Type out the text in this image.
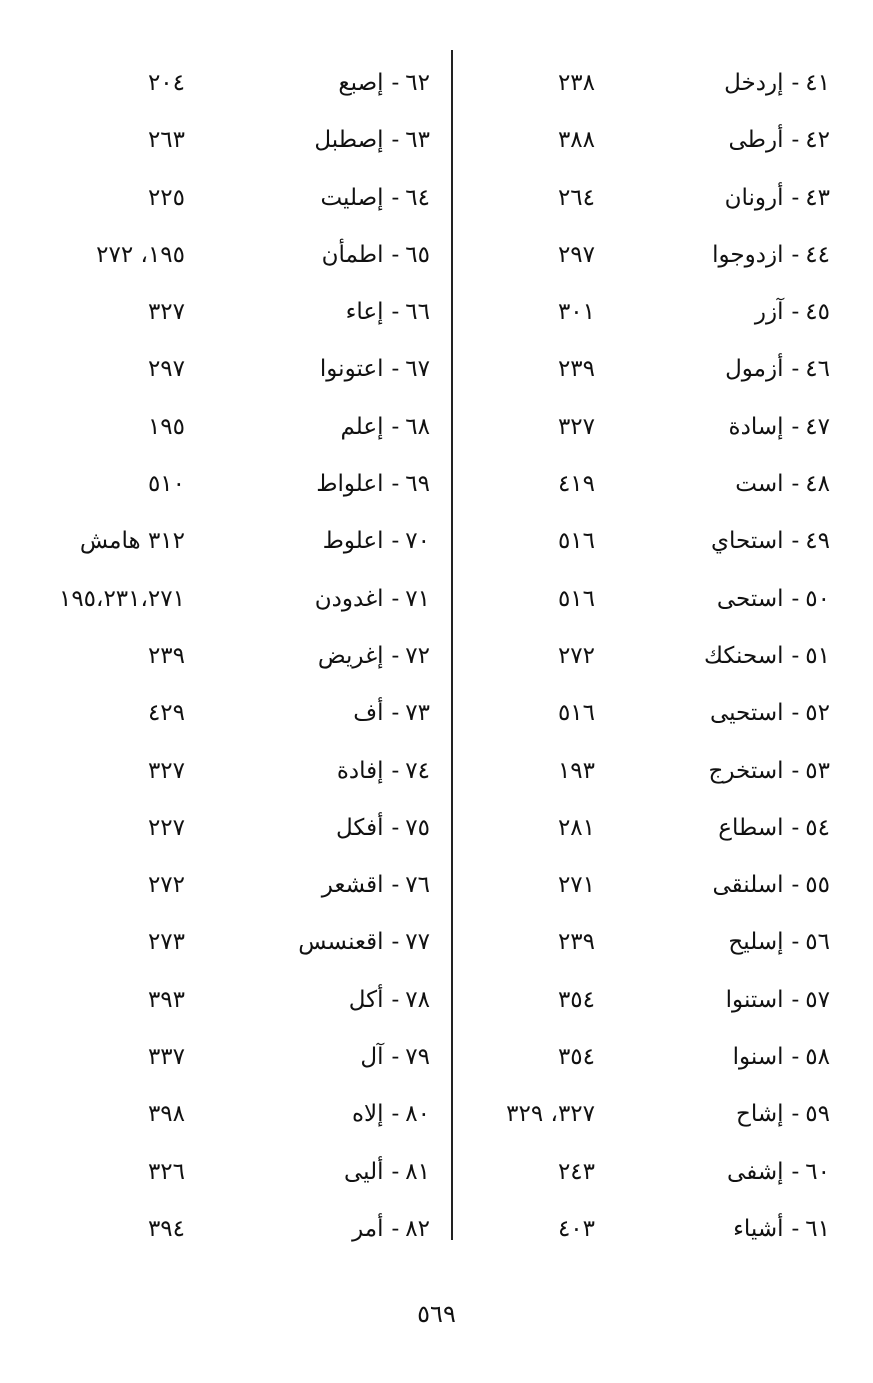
٤١-إردخل
٢٣٨
٤٢-أرطى
٣٨٨
٤٣-أرونان
٢٦٤
٤٤-ازدوجوا
٢٩٧
٤٥-آزر
٣٠١
٤٦-أزمول
٢٣٩
٤٧-إسادة
٣٢٧
٤٨-است
٤١٩
٤٩-استحاي
٥١٦
٥٠-استحى
٥١٦
٥١-اسحنكك
٢٧٢
٥٢-استحيى
٥١٦
٥٣-استخرج
١٩٣
٥٤-اسطاع
٢٨١
٥٥-اسلنقى
٢٧١
٥٦-إسليح
٢٣٩
٥٧-استنوا
٣٥٤
٥٨-اسنوا
٣٥٤
٥٩-إشاح
٣٢٧، ٣٢٩
٦٠-إشفى
٢٤٣
٦١-أشياء
٤٠٣
٦٢-إصبع
٢٠٤
٦٣-إصطبل
٢٦٣
٦٤-إصليت
٢٢٥
٦٥-اطمأن
١٩٥، ٢٧٢
٦٦-إعاء
٣٢٧
٦٧-اعتونوا
٢٩٧
٦٨-إعلم
١٩٥
٦٩-اعلواط
٥١٠
٧٠-اعلوط
٣١٢ هامش
٧١-اغدودن
١٩٥،٢٣١،٢٧١
٧٢-إغريض
٢٣٩
٧٣-أف
٤٢٩
٧٤-إفادة
٣٢٧
٧٥-أفكل
٢٢٧
٧٦-اقشعر
٢٧٢
٧٧-اقعنسس
٢٧٣
٧٨-أكل
٣٩٣
٧٩-آل
٣٣٧
٨٠-إلاه
٣٩٨
٨١-أليى
٣٢٦
٨٢-أمر
٣٩٤
٥٦٩
